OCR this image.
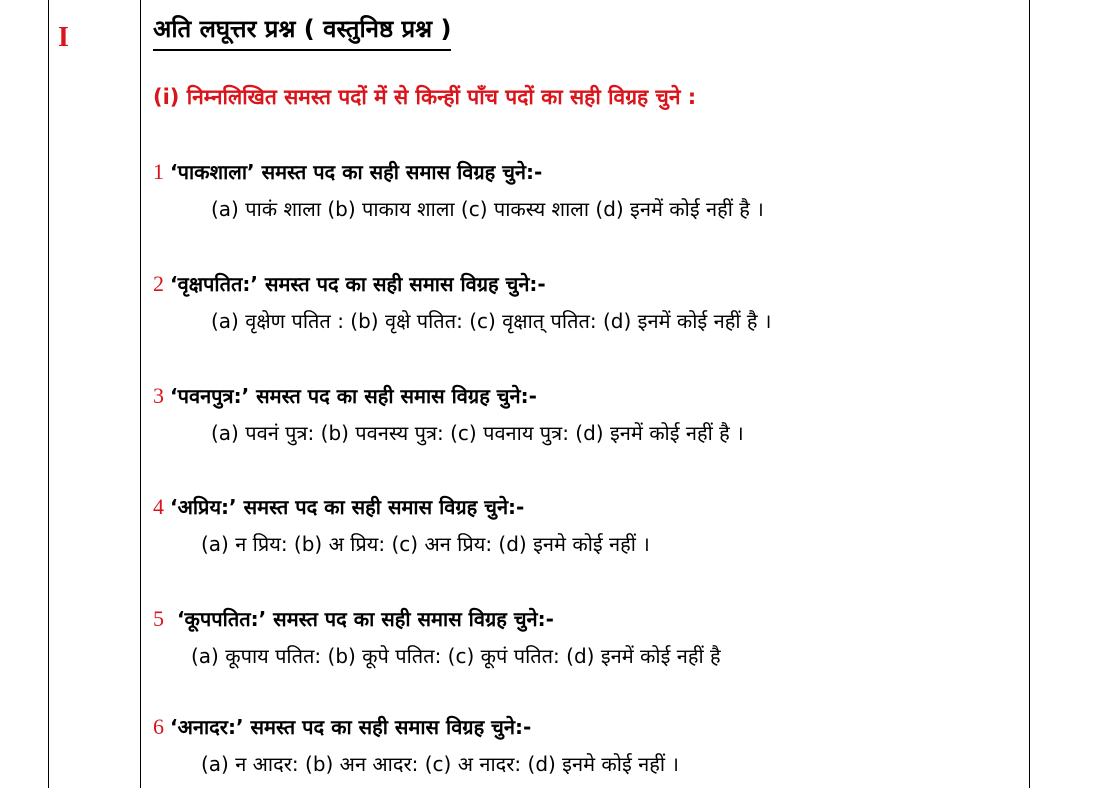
I	अति लघूत्तर प्रश्न ( वस्तुनिष्ठ प्रश्न )
(i) निम्नलिखित समस्त पदों में से किन्हीं पाँच पदों का सही विग्रह चुने :
1 ‘पाकशाला’ समस्त पद का सही समास विग्रह चुने:-
(a) पाकं शाला (b) पाकाय शाला (c) पाकस्य शाला (d) इनमें कोई नहीं है ।
2 ‘वृक्षपतित:’ समस्त पद का सही समास विग्रह चुने:-
(a) वृक्षेण पतित : (b) वृक्षे पतित: (c) वृक्षात् पतित: (d) इनमें कोई नहीं है ।
3 ‘पवनपुत्र:’ समस्त पद का सही समास विग्रह चुने:-
(a) पवनं पुत्र: (b) पवनस्य पुत्र: (c) पवनाय पुत्र: (d) इनमें कोई नहीं है ।
4 ‘अप्रिय:’ समस्त पद का सही समास विग्रह चुने:-
(a) न प्रिय: (b) अ प्रिय: (c) अन प्रिय: (d) इनमे कोई नहीं ।
5 ‘कूपपतित:’ समस्त पद का सही समास विग्रह चुने:-
(a) कूपाय पतित: (b) कूपे पतित: (c) कूपं पतित: (d) इनमें कोई नहीं है
6 ‘अनादर:’ समस्त पद का सही समास विग्रह चुने:-
(a) न आदर: (b) अन आदर: (c) अ नादर: (d) इनमे कोई नहीं ।
